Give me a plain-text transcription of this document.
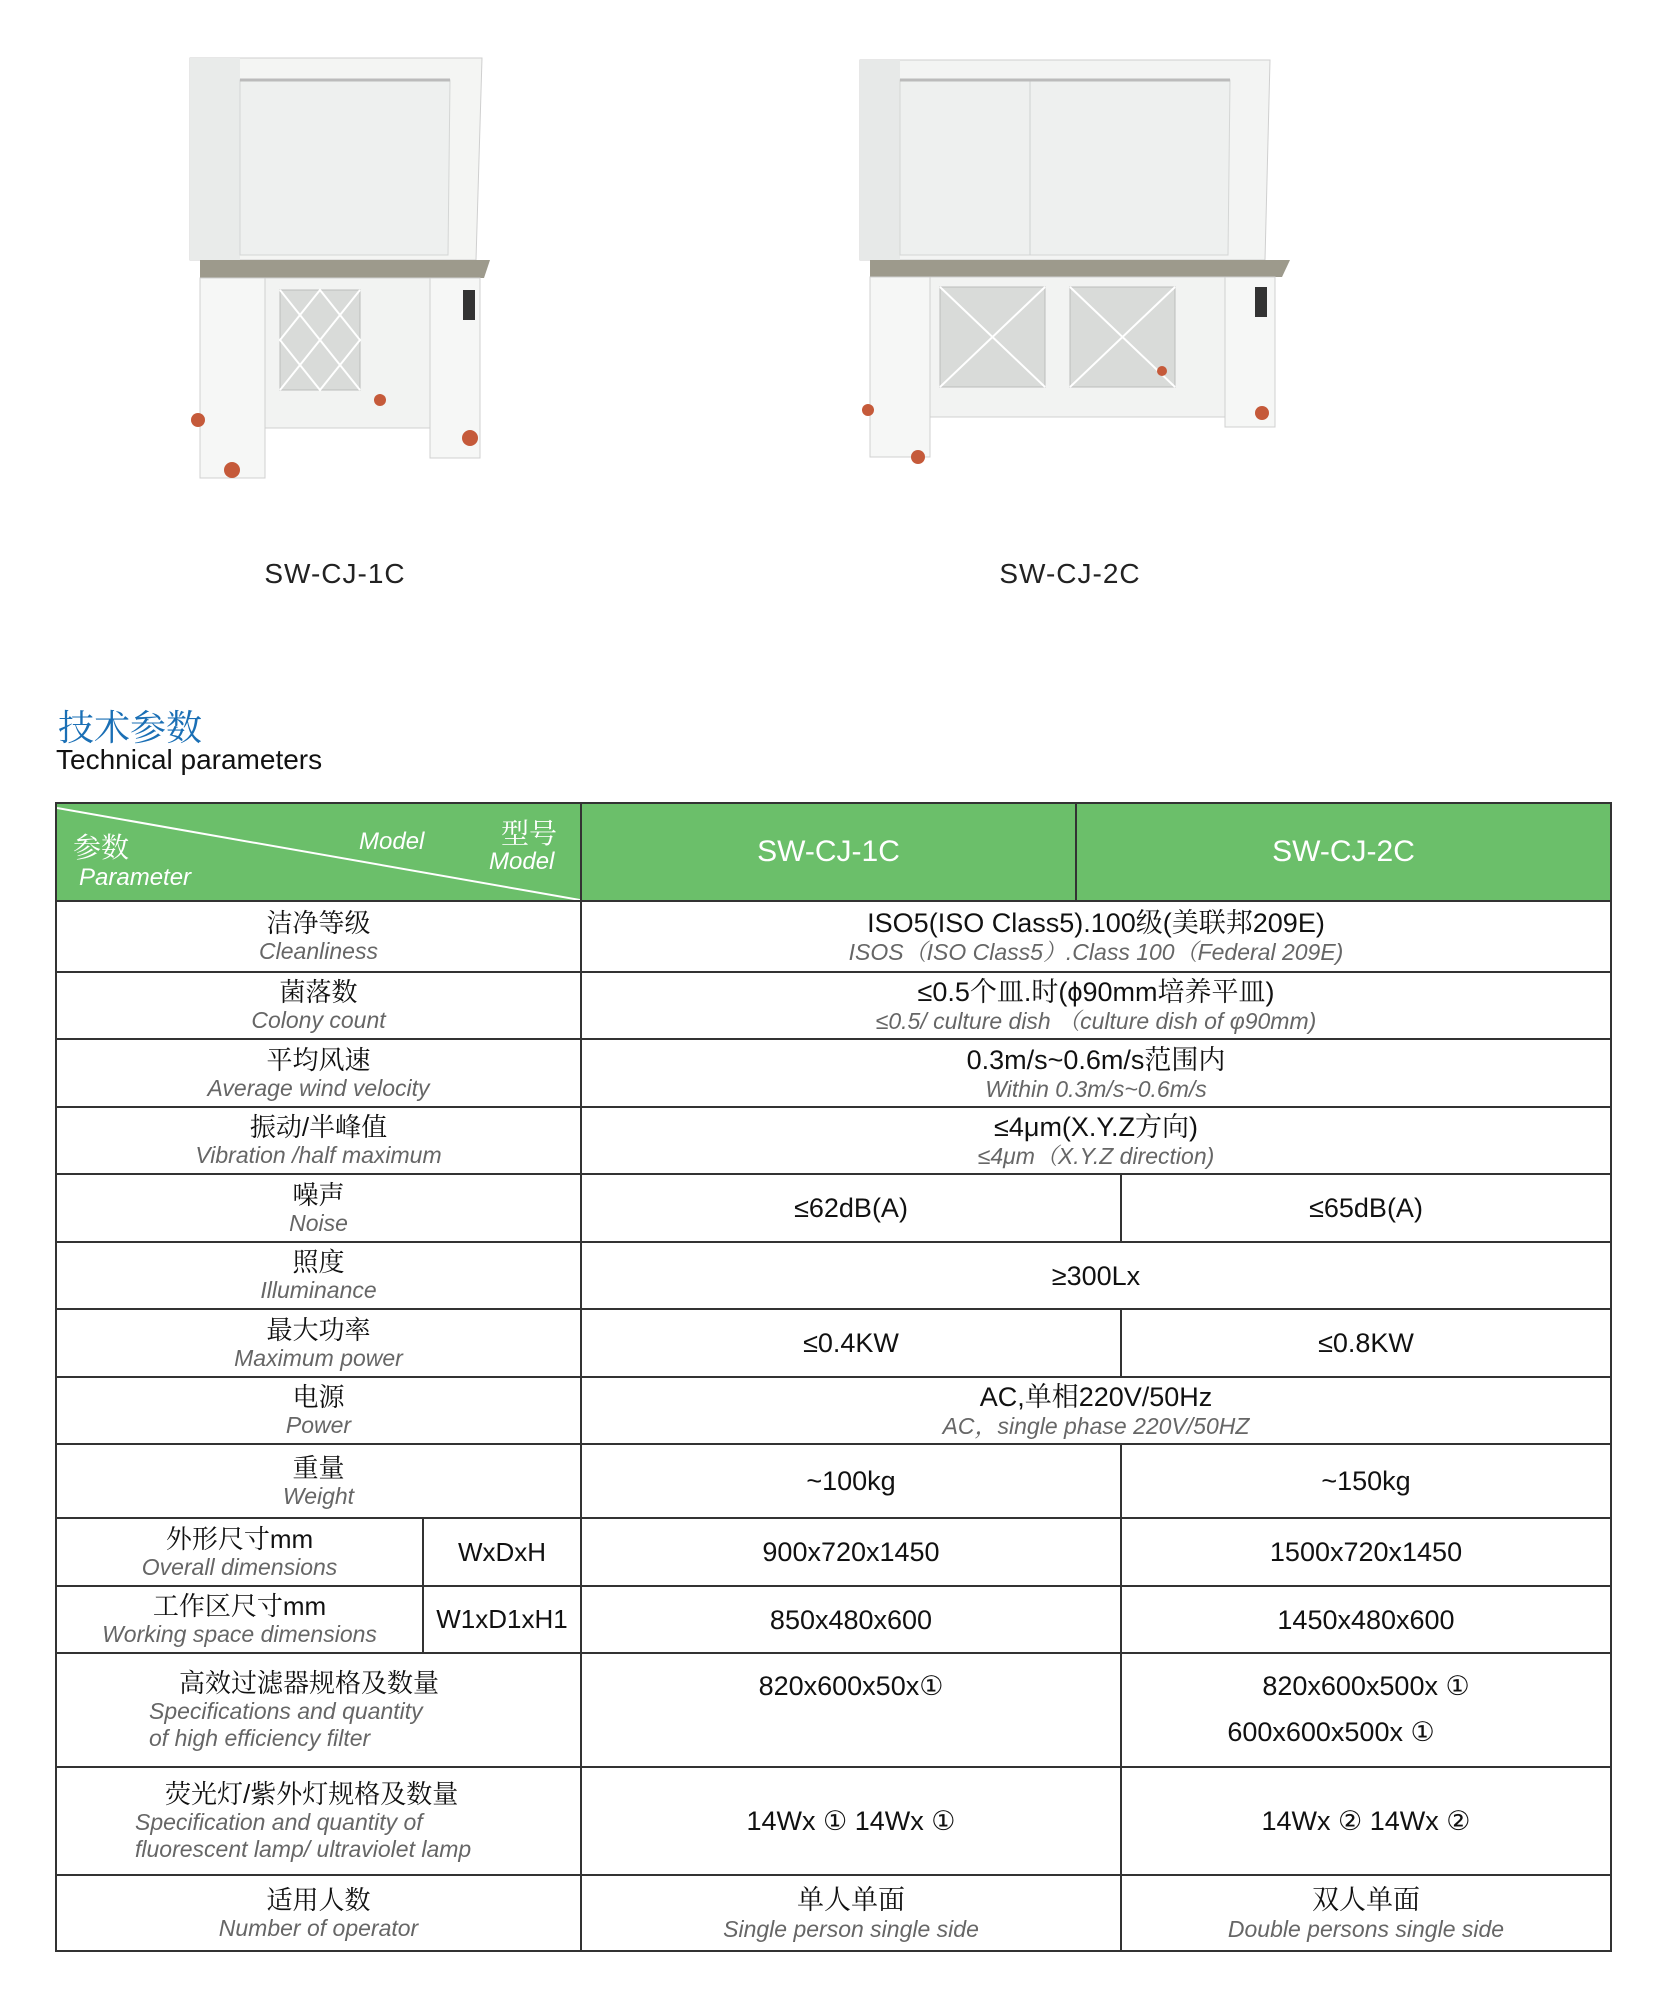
SW-CJ-1C	SW-CJ-2C
技术参数
Technical parameters
参数
Parameter
Model 型号
Model		SW-CJ-1C	SW-CJ-2C	

洁净等级
Cleanliness		ISO5(ISO Class5).100级(美联邦209E)
ISOS（ISO Class5）.Class 100（Federal 209E)		

菌落数
Colony count		≤0.5个皿.时(ϕ90mm培养平皿)
≤0.5/ culture dish （culture dish of φ90mm)		

平均风速
Average wind velocity		0.3m/s~0.6m/s范围内
Within 0.3m/s~0.6m/s		

振动/半峰值
Vibration /half maximum		≤4μm(X.Y.Z方向)
≤4μm（X.Y.Z direction)		

噪声
Noise		≤62dB(A)		≤65dB(A)

照度
Illuminance		≥300Lx		

最大功率
Maximum power		≤0.4KW		≤0.8KW

电源
Power		AC,单相220V/50Hz
AC，single phase 220V/50HZ		

重量
Weight		~100kg		~150kg

外形尺寸mm
Overall dimensions	WxDxH	900x720x1450		1500x720x1450

工作区尺寸mm
Working space dimensions	W1xD1xH1	850x480x600		1450x480x600

高效过滤器规格及数量
Specifications and quantity
of high efficiency filter		820x600x50x①		820x600x500x ①
600x600x500x ①

荧光灯/紫外灯规格及数量
Specification and quantity of
fluorescent lamp/ ultraviolet lamp		14Wx ① 14Wx ①		14Wx ② 14Wx ②

适用人数
Number of operator		单人单面
Single person single side		双人单面
Double persons single side
